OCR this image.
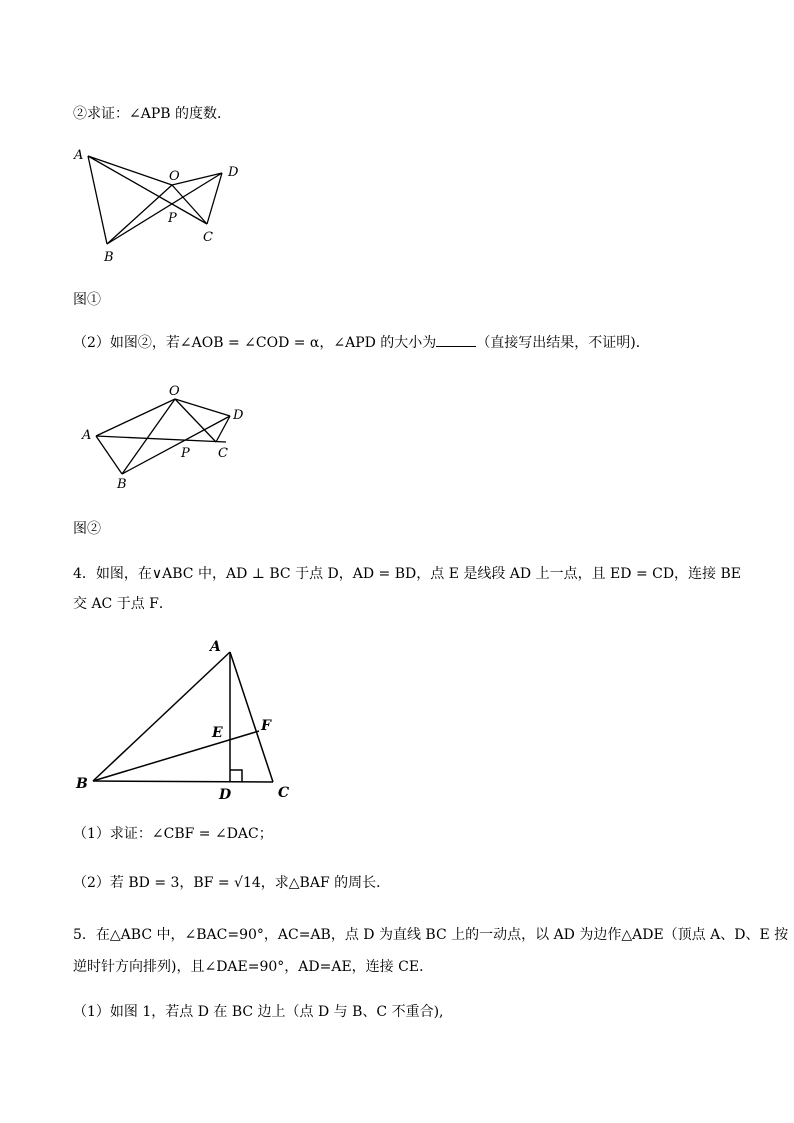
②求证：∠APB 的度数．
A
B
O
P
C
D
图①
（2）如图②，若∠AOB = ∠COD = α，∠APD 的大小为	（直接写出结果，不证明)．
O
A
B
P C
D
图②
4．如图，在∨ABC 中，AD ⊥ BC 于点 D，AD = BD，点 E 是线段 AD 上一点，且 ED = CD，连接 BE
交 AC 于点 F．
A
E	F
B
D	C
（1）求证：∠CBF = ∠DAC；
（2）若 BD = 3，BF = √14，求△BAF 的周长．
5．在△ABC 中，∠BAC=90°，AC=AB，点 D 为直线 BC 上的一动点，以 AD 为边作△ADE（顶点 A、D、E 按
逆时针方向排列)，且∠DAE=90°，AD=AE，连接 CE．
（1）如图 1，若点 D 在 BC 边上（点 D 与 B、C 不重合),
